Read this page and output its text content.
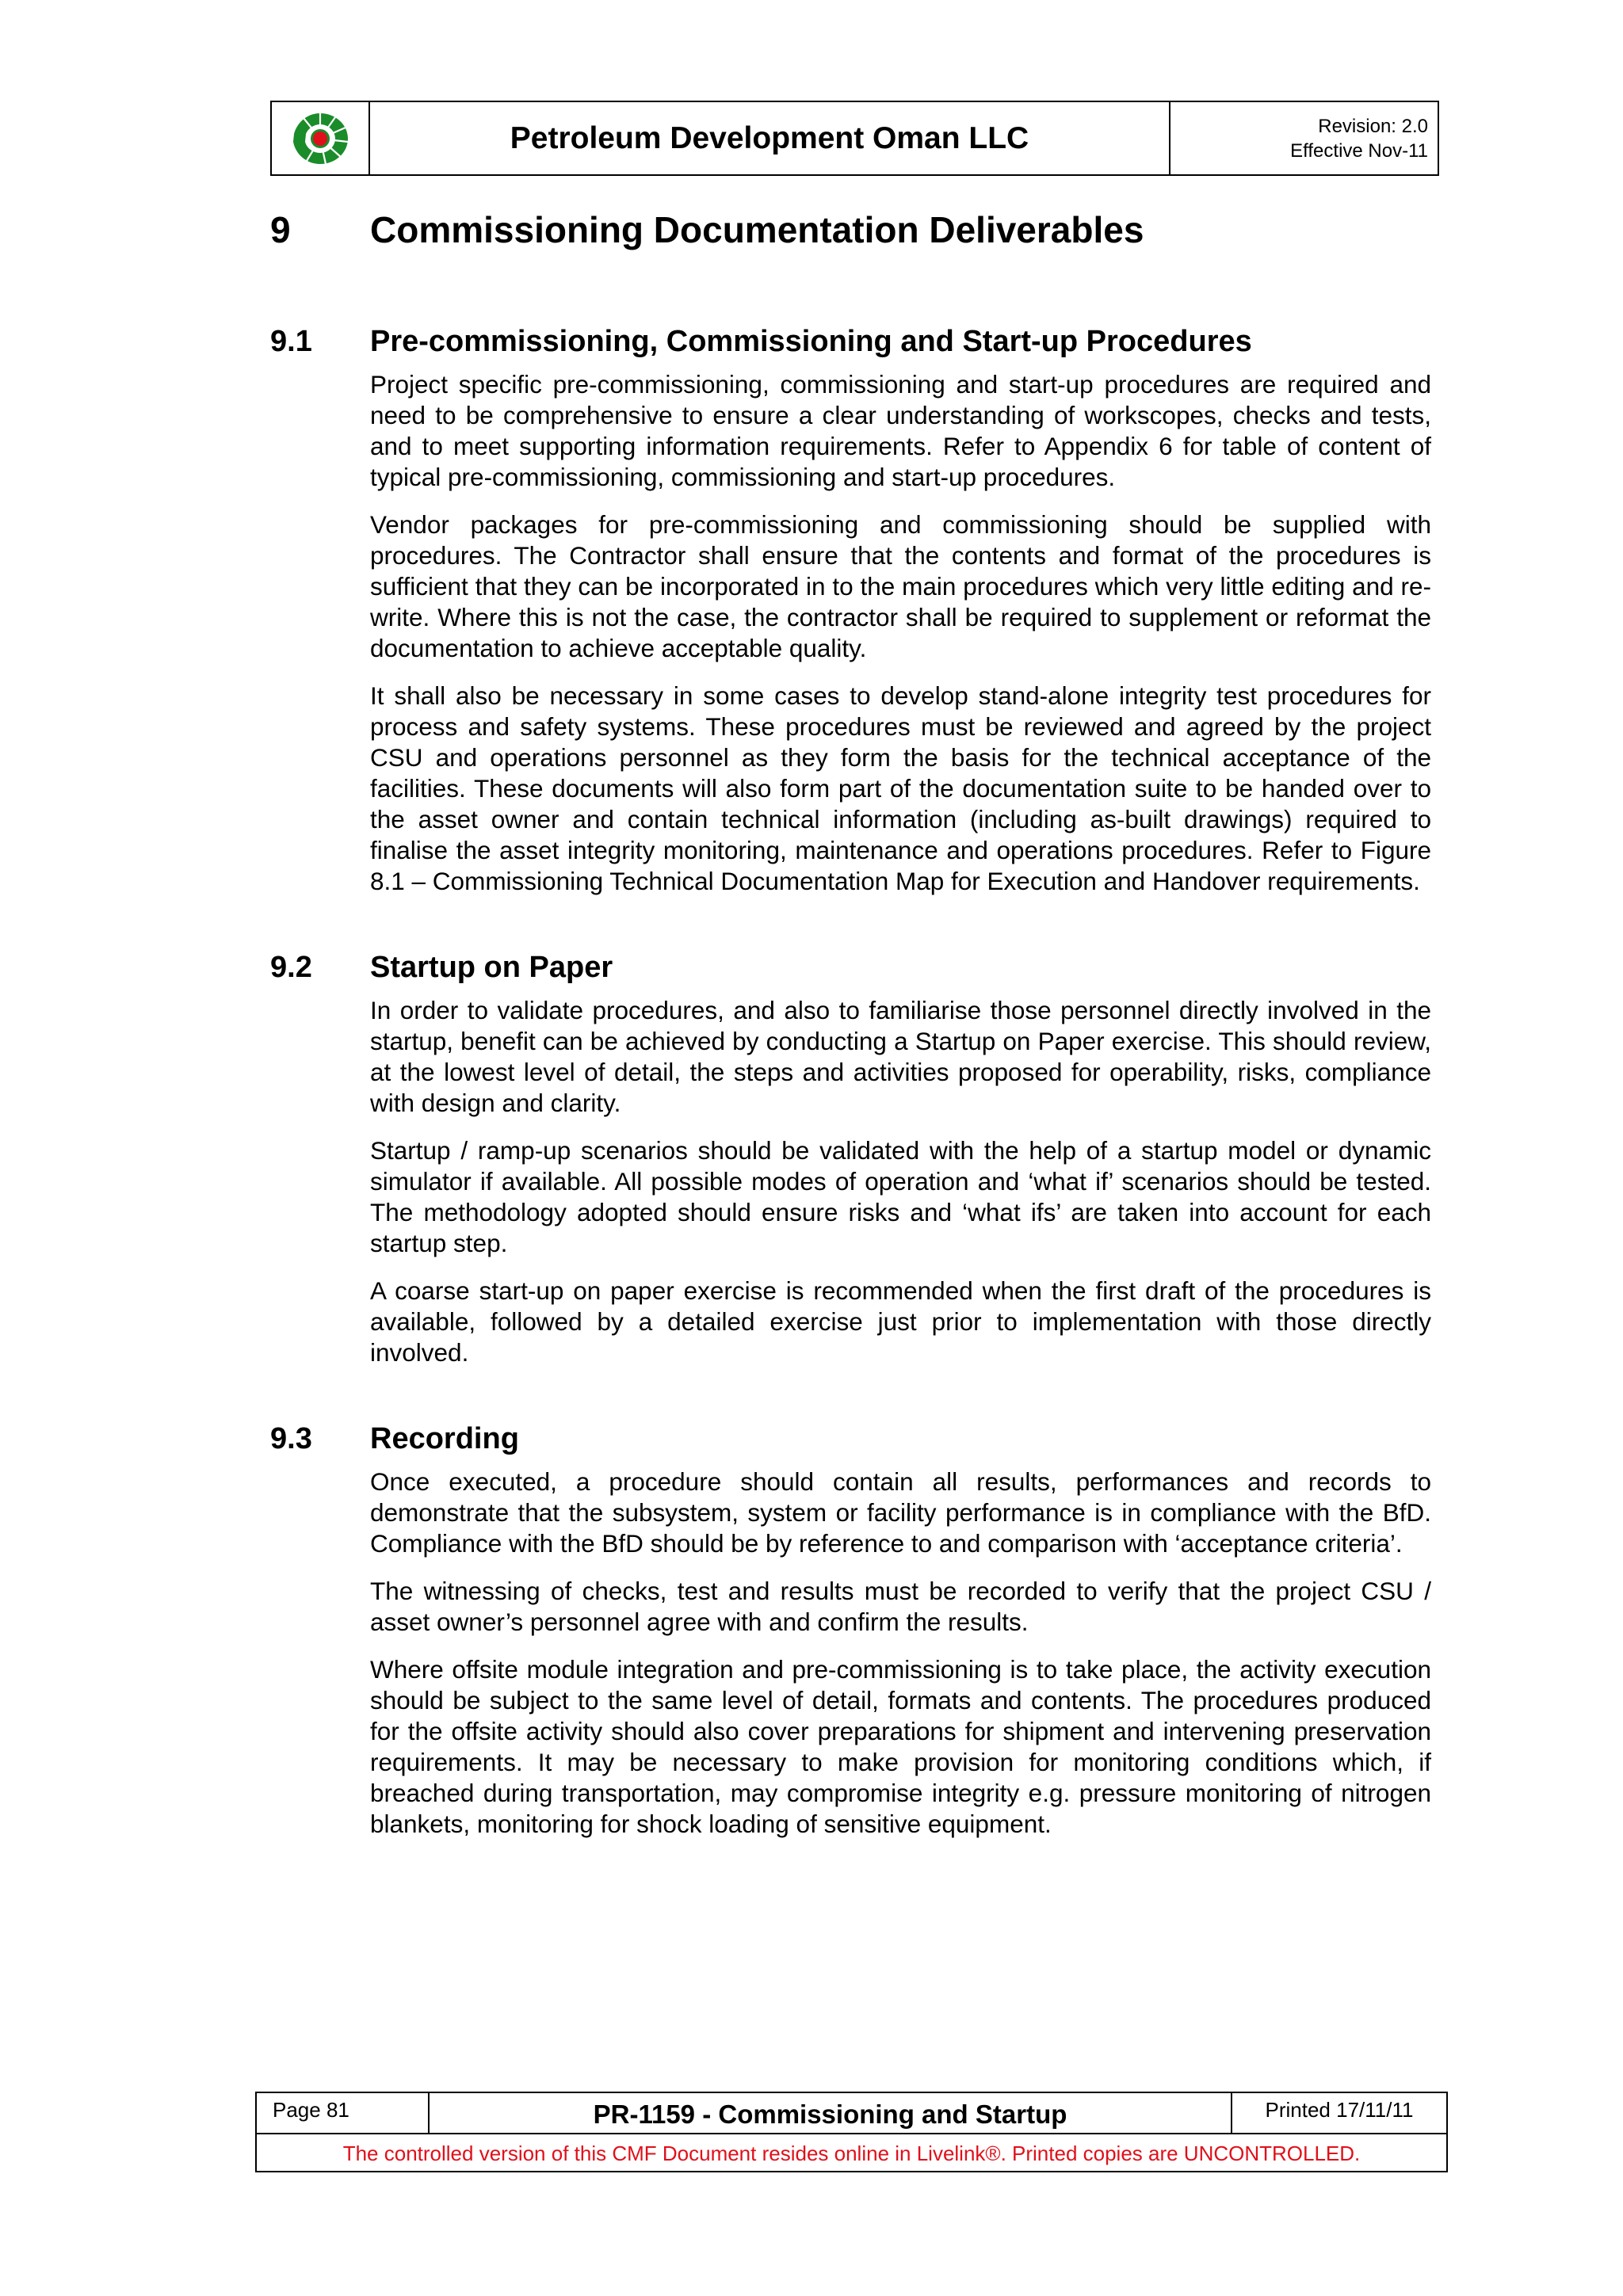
Petroleum Development Oman LLC	Revision: 2.0
Effective Nov-11
9	Commissioning Documentation Deliverables
9.1	Pre-commissioning, Commissioning and Start-up Procedures

Project specific pre-commissioning, commissioning and start-up procedures are required and need to be comprehensive to ensure a clear understanding of workscopes, checks and tests, and to meet supporting information requirements. Refer to Appendix 6 for table of content of typical pre-commissioning, commissioning and start-up procedures.

Vendor packages for pre-commissioning and commissioning should be supplied with procedures. The Contractor shall ensure that the contents and format of the procedures is sufficient that they can be incorporated in to the main procedures which very little editing and re-write. Where this is not the case, the contractor shall be required to supplement or reformat the documentation to achieve acceptable quality.

It shall also be necessary in some cases to develop stand-alone integrity test procedures for process and safety systems. These procedures must be reviewed and agreed by the project CSU and operations personnel as they form the basis for the technical acceptance of the facilities. These documents will also form part of the documentation suite to be handed over to the asset owner and contain technical information (including as-built drawings) required to finalise the asset integrity monitoring, maintenance and operations procedures. Refer to Figure 8.1 – Commissioning Technical Documentation Map for Execution and Handover requirements.

9.2	Startup on Paper

In order to validate procedures, and also to familiarise those personnel directly involved in the startup, benefit can be achieved by conducting a Startup on Paper exercise. This should review, at the lowest level of detail, the steps and activities proposed for operability, risks, compliance with design and clarity.

Startup / ramp-up scenarios should be validated with the help of a startup model or dynamic simulator if available. All possible modes of operation and ‘what if’ scenarios should be tested. The methodology adopted should ensure risks and ‘what ifs’ are taken into account for each startup step.

A coarse start-up on paper exercise is recommended when the first draft of the procedures is available, followed by a detailed exercise just prior to implementation with those directly involved.

9.3	Recording

Once executed, a procedure should contain all results, performances and records to demonstrate that the subsystem, system or facility performance is in compliance with the BfD. Compliance with the BfD should be by reference to and comparison with ‘acceptance criteria’.

The witnessing of checks, test and results must be recorded to verify that the project CSU / asset owner’s personnel agree with and confirm the results.

Where offsite module integration and pre-commissioning is to take place, the activity execution should be subject to the same level of detail, formats and contents. The procedures produced for the offsite activity should also cover preparations for shipment and intervening preservation requirements. It may be necessary to make provision for monitoring conditions which, if breached during transportation, may compromise integrity e.g. pressure monitoring of nitrogen blankets, monitoring for shock loading of sensitive equipment.

Page 81	PR-1159 - Commissioning and Startup	Printed 17/11/11
The controlled version of this CMF Document resides online in Livelink®. Printed copies are UNCONTROLLED.
